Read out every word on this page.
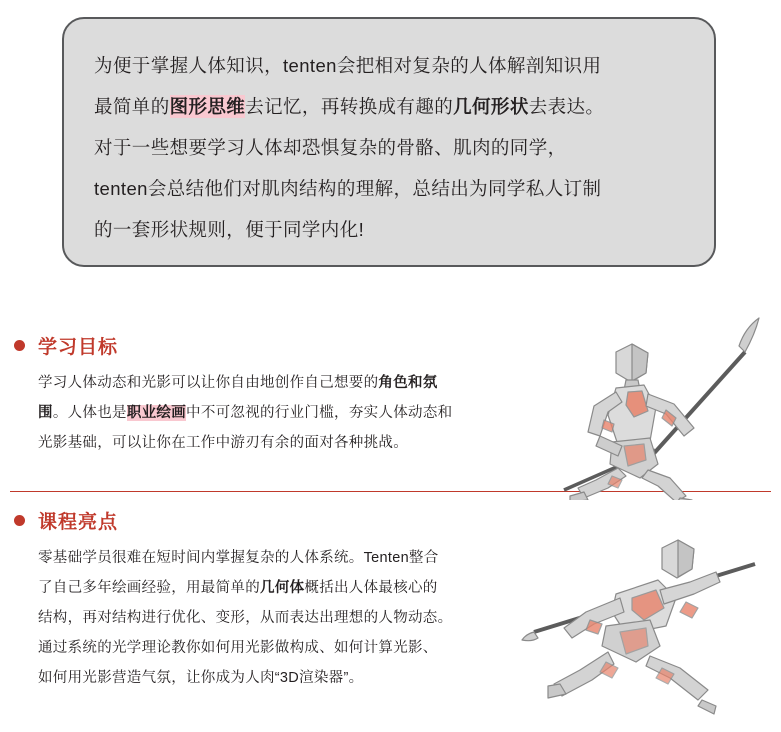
为便于掌握人体知识，tenten会把相对复杂的人体解剖知识用
最简单的图形思维去记忆，再转换成有趣的几何形状去表达。
对于一些想要学习人体却恐惧复杂的骨骼、肌肉的同学，
tenten会总结他们对肌肉结构的理解，总结出为同学私人订制
的一套形状规则，便于同学内化!
学习目标
学习人体动态和光影可以让你自由地创作自己想要的角色和氛
围。人体也是职业绘画中不可忽视的行业门槛，夯实人体动态和
光影基础，可以让你在工作中游刃有余的面对各种挑战。
课程亮点
零基础学员很难在短时间内掌握复杂的人体系统。Tenten整合
了自己多年绘画经验，用最简单的几何体概括出人体最核心的
结构，再对结构进行优化、变形，从而表达出理想的人物动态。
通过系统的光学理论教你如何用光影做构成、如何计算光影、
如何用光影营造气氛，让你成为人肉“3D渲染器”。
